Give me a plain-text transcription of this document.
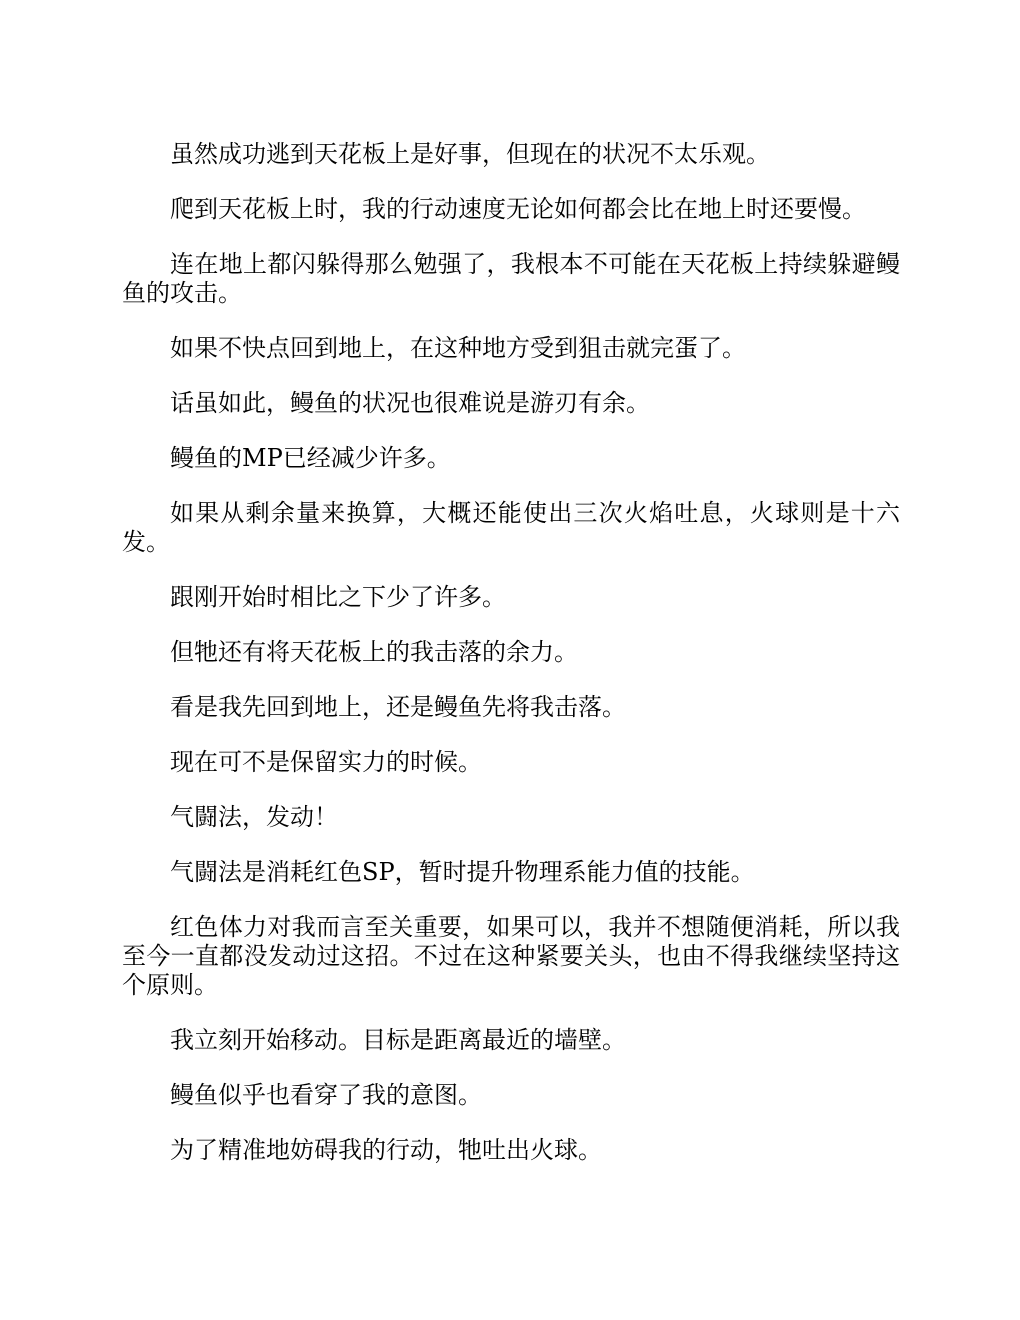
虽然成功逃到天花板上是好事，但现在的状况不太乐观。

爬到天花板上时，我的行动速度无论如何都会比在地上时还要慢。

连在地上都闪躲得那么勉强了，我根本不可能在天花板上持续躲避鳗鱼的攻击。

如果不快点回到地上，在这种地方受到狙击就完蛋了。

话虽如此，鳗鱼的状况也很难说是游刃有余。

鳗鱼的MP已经减少许多。

如果从剩余量来换算，大概还能使出三次火焰吐息，火球则是十六发。

跟刚开始时相比之下少了许多。

但牠还有将天花板上的我击落的余力。

看是我先回到地上，还是鳗鱼先将我击落。

现在可不是保留实力的时候。

气闘法，发动！

气闘法是消耗红色SP，暂时提升物理系能力值的技能。

红色体力对我而言至关重要，如果可以，我并不想随便消耗，所以我至今一直都没发动过这招。不过在这种紧要关头，也由不得我继续坚持这个原则。

我立刻开始移动。目标是距离最近的墙壁。

鳗鱼似乎也看穿了我的意图。

为了精准地妨碍我的行动，牠吐出火球。
